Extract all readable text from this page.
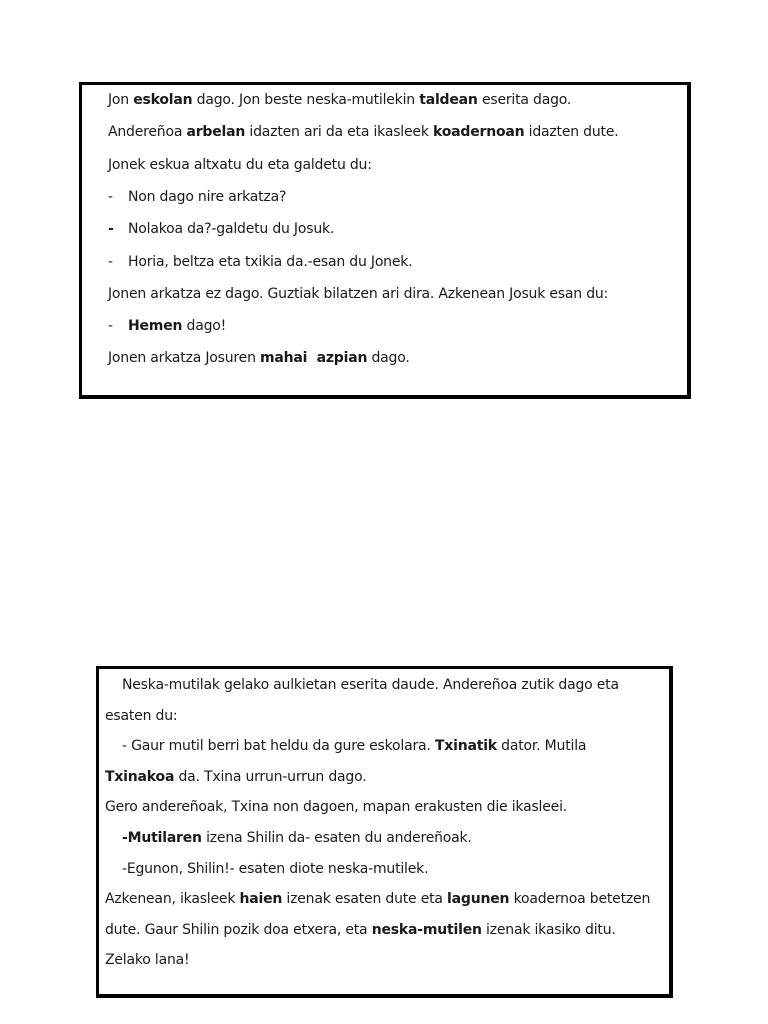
Jon eskolan dago. Jon beste neska-mutilekin taldean eserita dago.
Andereñoa arbelan idazten ari da eta ikasleek koadernoan idazten dute.
Jonek eskua altxatu du eta galdetu du:
- Non dago nire arkatza?
- Nolakoa da?-galdetu du Josuk.
- Horia, beltza eta txikia da.-esan du Jonek.
Jonen arkatza ez dago. Guztiak bilatzen ari dira. Azkenean Josuk esan du:
- Hemen dago!
Jonen arkatza Josuren mahai  azpian dago.
Neska-mutilak gelako aulkietan eserita daude. Andereñoa zutik dago eta
esaten du:
- Gaur mutil berri bat heldu da gure eskolara. Txinatik dator. Mutila
Txinakoa da. Txina urrun-urrun dago.
Gero andereñoak, Txina non dagoen, mapan erakusten die ikasleei.
-Mutilaren izena Shilin da- esaten du andereñoak.
-Egunon, Shilin!- esaten diote neska-mutilek.
Azkenean, ikasleek haien izenak esaten dute eta lagunen koadernoa betetzen
dute. Gaur Shilin pozik doa etxera, eta neska-mutilen izenak ikasiko ditu.
Zelako lana!
